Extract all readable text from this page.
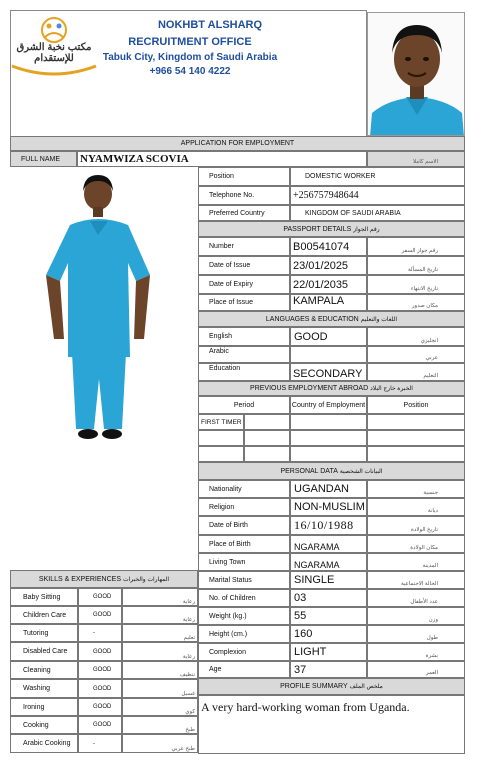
مكتب نخبة الشرق للإستقدام
NOKHBT ALSHARQ
RECRUITMENT OFFICE
Tabuk City, Kingdom of Saudi Arabia
+966 54 140 4222
APPLICATION FOR EMPLOYMENT
FULL NAME	NYAMWIZA SCOVIA	الاسم كاملا
Position	DOMESTIC WORKER
Telephone No.	+256757948644
Preferred Country	KINGDOM OF SAUDI ARABIA
PASSPORT DETAILS
رقم الجواز
Number	B00541074	رقم جواز السفر
Date of Issue	23/01/2025	تاريخ المسألة
Date of Expiry	22/01/2035	تاريخ الانتهاء
Place of Issue	KAMPALA	مكان صدور
LANGUAGES & EDUCATION
اللغات والتعليم
English	GOOD	انجليزي
Arabic
عربي
Education	SECONDARY	التعليم
PREVIOUS EMPLOYMENT ABROAD
الخبرة خارج البلاد
Period	Country of Employment	Position
FIRST TIMER
PERSONAL DATA
البيانات الشخصية
Nationality	UGANDAN	جنسية
Religion	NON-MUSLIM	ديانة
Date of Birth	16/10/1988	تاريخ الولادة
Place of Birth	NGARAMA	مكان الولادة
Living Town	NGARAMA	المدينة
Marital Status	SINGLE	الحالة الاجتماعية
No. of Children	03	عدد الأطفال
Weight (kg.)	55	وزن
Height (cm.)	160	طول
Complexion	LIGHT	بشرة
Age	37	العمر
SKILLS & EXPERIENCES
المهارات والخبرات
Baby Sitting	GOOD
رعاية
Children Care	GOOD
رعاية
Tutoring	-
تعليم
Disabled Care	GOOD
رعاية
Cleaning	GOOD
تنظيف
Washing	GOOD
غسيل
Ironing	GOOD
كوي
Cooking	GOOD
طبخ
Arabic Cooking	-
طبخ عربي
PROFILE SUMMARY
ملخص الملف
A very hard-working woman from Uganda.
